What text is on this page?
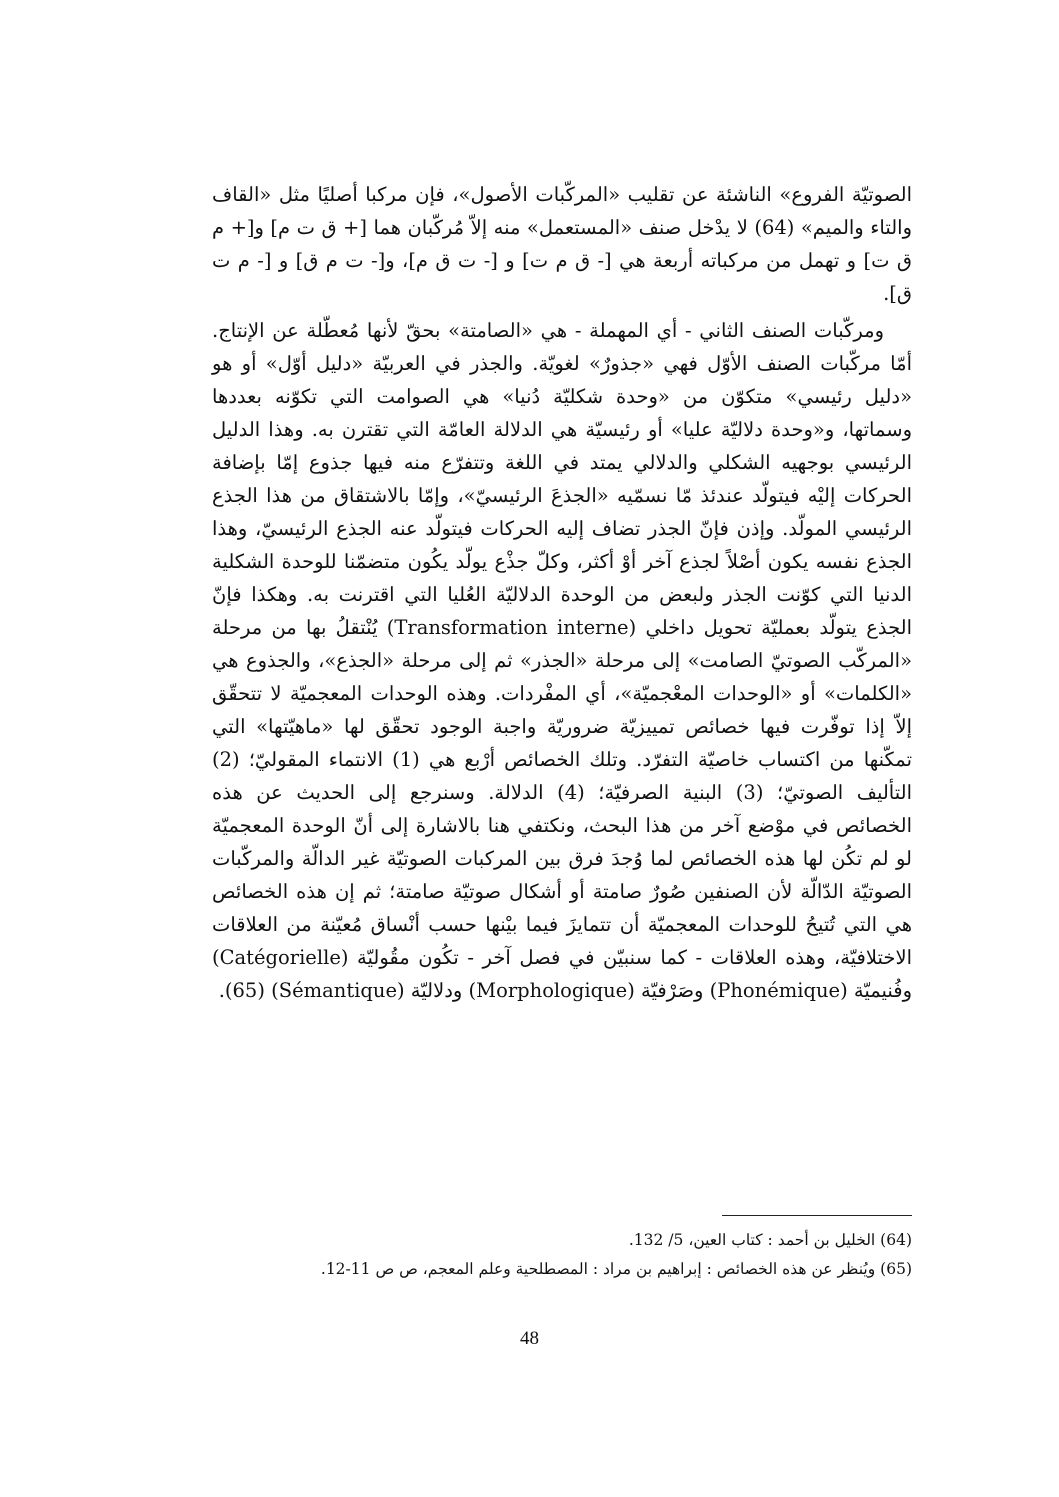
الصوتيّة الفروع» الناشئة عن تقليب «المركّبات الأصول»، فإن مركبا أصليًا مثل «القاف والتاء والميم» (64) لا يدْخل صنف «المستعمل» منه إلاّ مُركّبان هما [+ ق ت م] و[+ م ق ت] و تهمل من مركباته أربعة هي [- ق م ت] و [- ت ق م]، و[- ت م ق] و [- م ت ق].

ومركّبات الصنف الثاني - أي المهملة - هي «الصامتة» بحقّ لأنها مُعطّلة عن الإنتاج. أمّا مركّبات الصنف الأوّل فهي «جذورٌ» لغويّة. والجذر في العربيّة «دليل أوّل» أو هو «دليل رئيسي» متكوّن من «وحدة شكليّة دُنيا» هي الصوامت التي تكوّنه بعددها وسماتها، و«وحدة دلاليّة عليا» أو رئيسيّة هي الدلالة العامّة التي تقترن به. وهذا الدليل الرئيسي بوجهيه الشكلي والدلالي يمتد في اللغة وتتفرّع منه فيها جذوع إمّا بإضافة الحركات إليْه فيتولّد عندئذ مّا نسمّيه «الجذعَ الرئيسيّ»، وإمّا بالاشتقاق من هذا الجذع الرئيسي المولّد. وإذن فإنّ الجذر تضاف إليه الحركات فيتولّد عنه الجذع الرئيسيّ، وهذا الجذع نفسه يكون أصْلاً لجذع آخر أوْ أكثر، وكلّ جذْع يولّد يكُون متضمّنا للوحدة الشكلية الدنيا التي كوّنت الجذر ولبعض من الوحدة الدلاليّة العُليا التي اقترنت به. وهكذا فإنّ الجذع يتولّد بعمليّة تحويل داخلي (Transformation interne) يُنْتقلُ بها من مرحلة «المركّب الصوتيّ الصامت» إلى مرحلة «الجذر» ثم إلى مرحلة «الجذع»، والجذوع هي «الكلمات» أو «الوحدات المعْجميّة»، أي المفْردات. وهذه الوحدات المعجميّة لا تتحقّق إلاّ إذا توفّرت فيها خصائص تمييزيّة ضروريّة واجبة الوجود تحقّق لها «ماهيّتها» التي تمكّنها من اكتساب خاصيّة التفرّد. وتلك الخصائص أرْبع هي (1) الانتماء المقوليّ؛ (2) التأليف الصوتيّ؛ (3) البنية الصرفيّة؛ (4) الدلالة. وسنرجع إلى الحديث عن هذه الخصائص في موْضع آخر من هذا البحث، ونكتفي هنا بالاشارة إلى أنّ الوحدة المعجميّة لو لم تكُن لها هذه الخصائص لما وُجدَ فرق بين المركبات الصوتيّة غير الدالّة والمركّبات الصوتيّة الدّالّة لأن الصنفين صُورٌ صامتة أو أشكال صوتيّة صامتة؛ ثم إن هذه الخصائص هي التي تُتيحُ للوحدات المعجميّة أن تتمايزَ فيما بيْنها حسب أنْساق مُعيّنة من العلاقات الاختلافيّة، وهذه العلاقات - كما سنبيّن في فصل آخر - تكُون مقُوليّة (Catégorielle) وفُنيميّة (Phonémique) وصَرْفيّة (Morphologique) ودلاليّة (Sémantique) (65).

(64) الخليل بن أحمد : كتاب العين، 5/ 132.

(65) ويُنظر عن هذه الخصائص : إبراهيم بن مراد : المصطلحية وعلم المعجم، ص ص 11-12.

48
